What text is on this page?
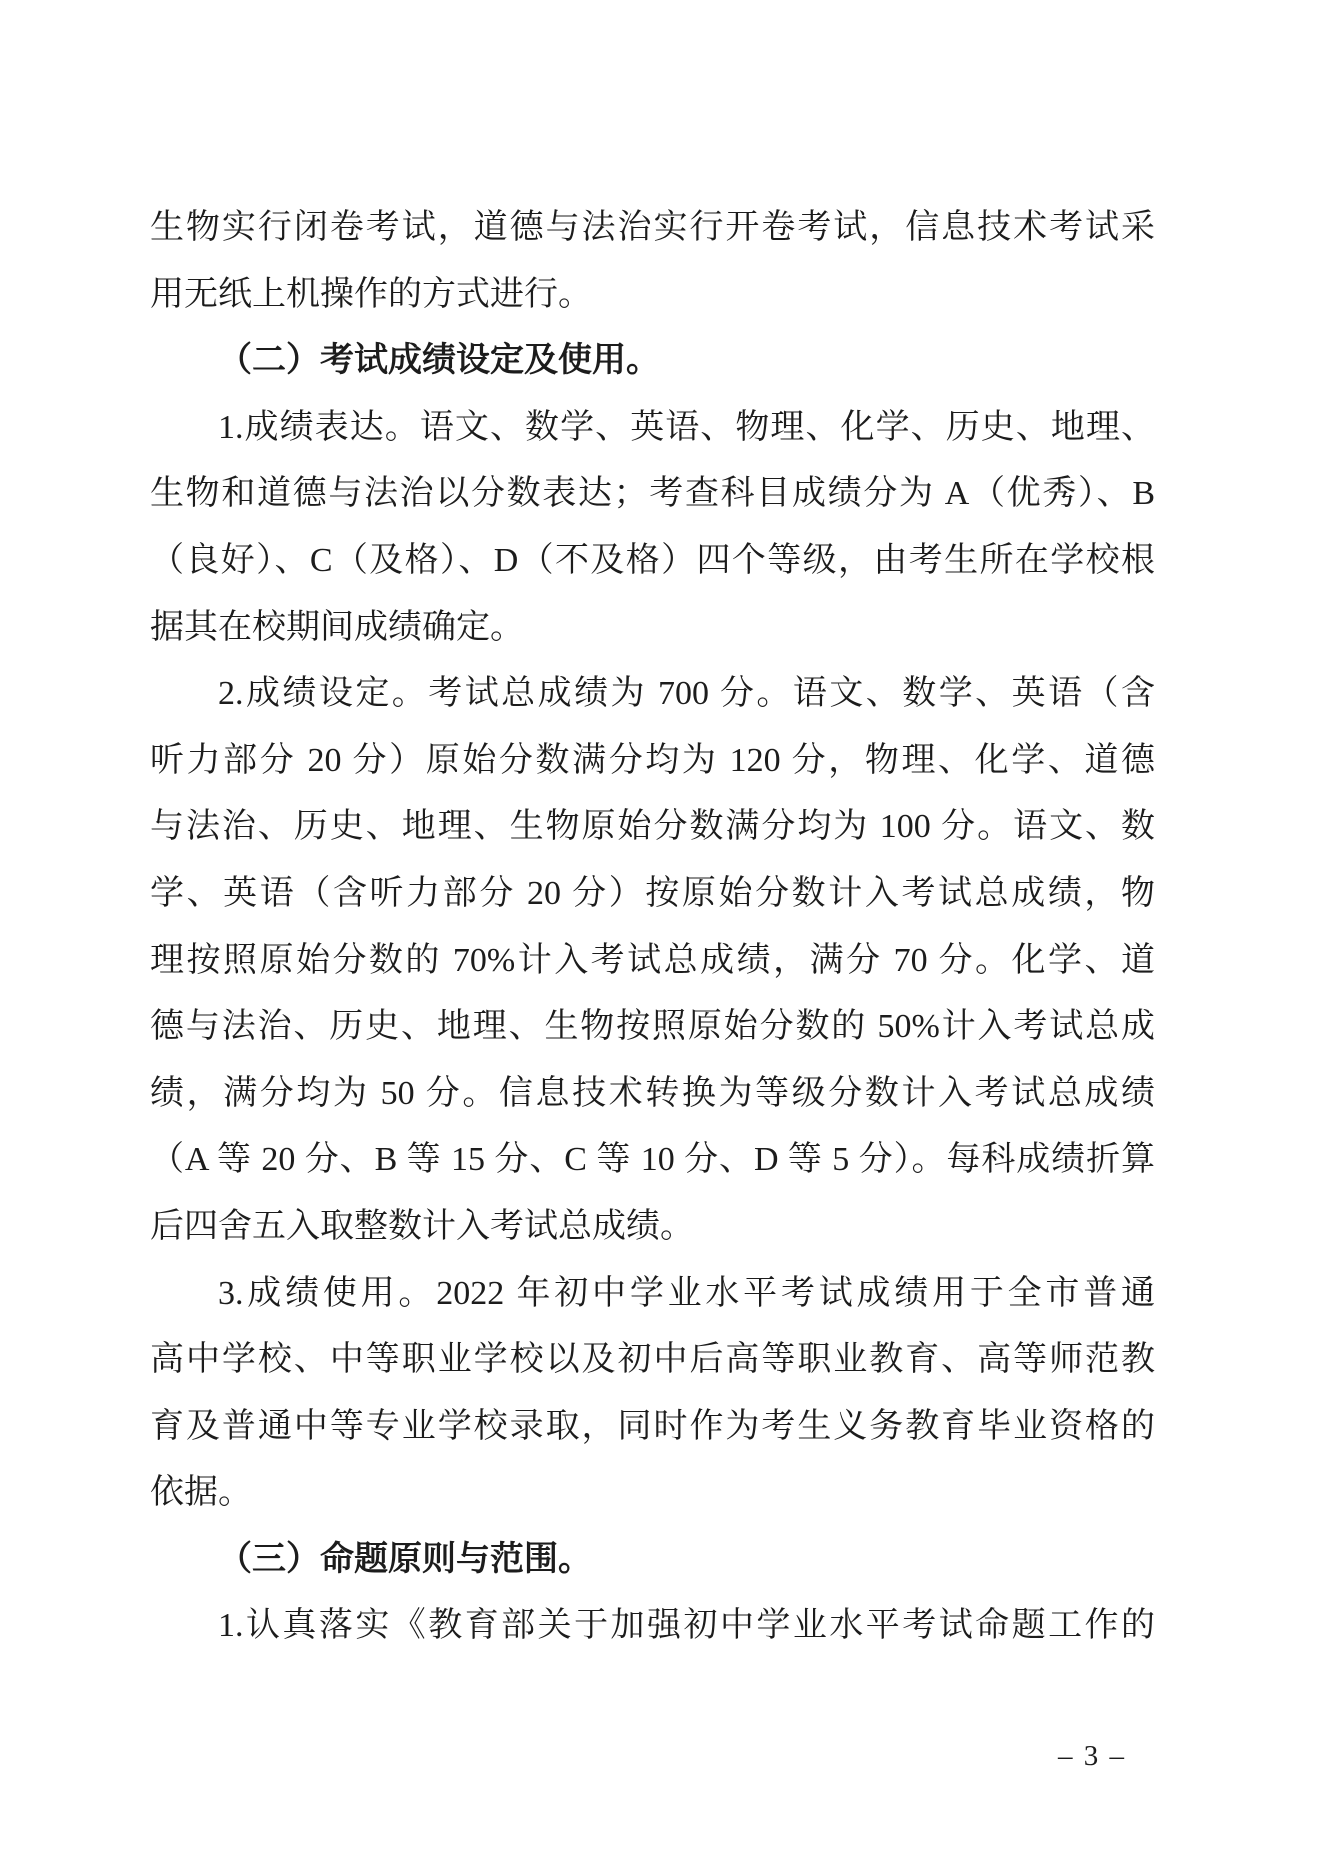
生物实行闭卷考试，道德与法治实行开卷考试，信息技术考试采
用无纸上机操作的方式进行。
（二）考试成绩设定及使用。
1.成绩表达。语文、数学、英语、物理、化学、历史、地理、
生物和道德与法治以分数表达；考查科目成绩分为 A（优秀）、B
（良好）、C（及格）、D（不及格）四个等级，由考生所在学校根
据其在校期间成绩确定。
2.成绩设定。考试总成绩为 700 分。语文、数学、英语（含
听力部分 20 分）原始分数满分均为 120 分，物理、化学、道德
与法治、历史、地理、生物原始分数满分均为 100 分。语文、数
学、英语（含听力部分 20 分）按原始分数计入考试总成绩，物
理按照原始分数的 70%计入考试总成绩，满分 70 分。化学、道
德与法治、历史、地理、生物按照原始分数的 50%计入考试总成
绩，满分均为 50 分。信息技术转换为等级分数计入考试总成绩
（A 等 20 分、B 等 15 分、C 等 10 分、D 等 5 分）。每科成绩折算
后四舍五入取整数计入考试总成绩。
3.成绩使用。2022 年初中学业水平考试成绩用于全市普通
高中学校、中等职业学校以及初中后高等职业教育、高等师范教
育及普通中等专业学校录取，同时作为考生义务教育毕业资格的
依据。
（三）命题原则与范围。
1.认真落实《教育部关于加强初中学业水平考试命题工作的
– 3 –
